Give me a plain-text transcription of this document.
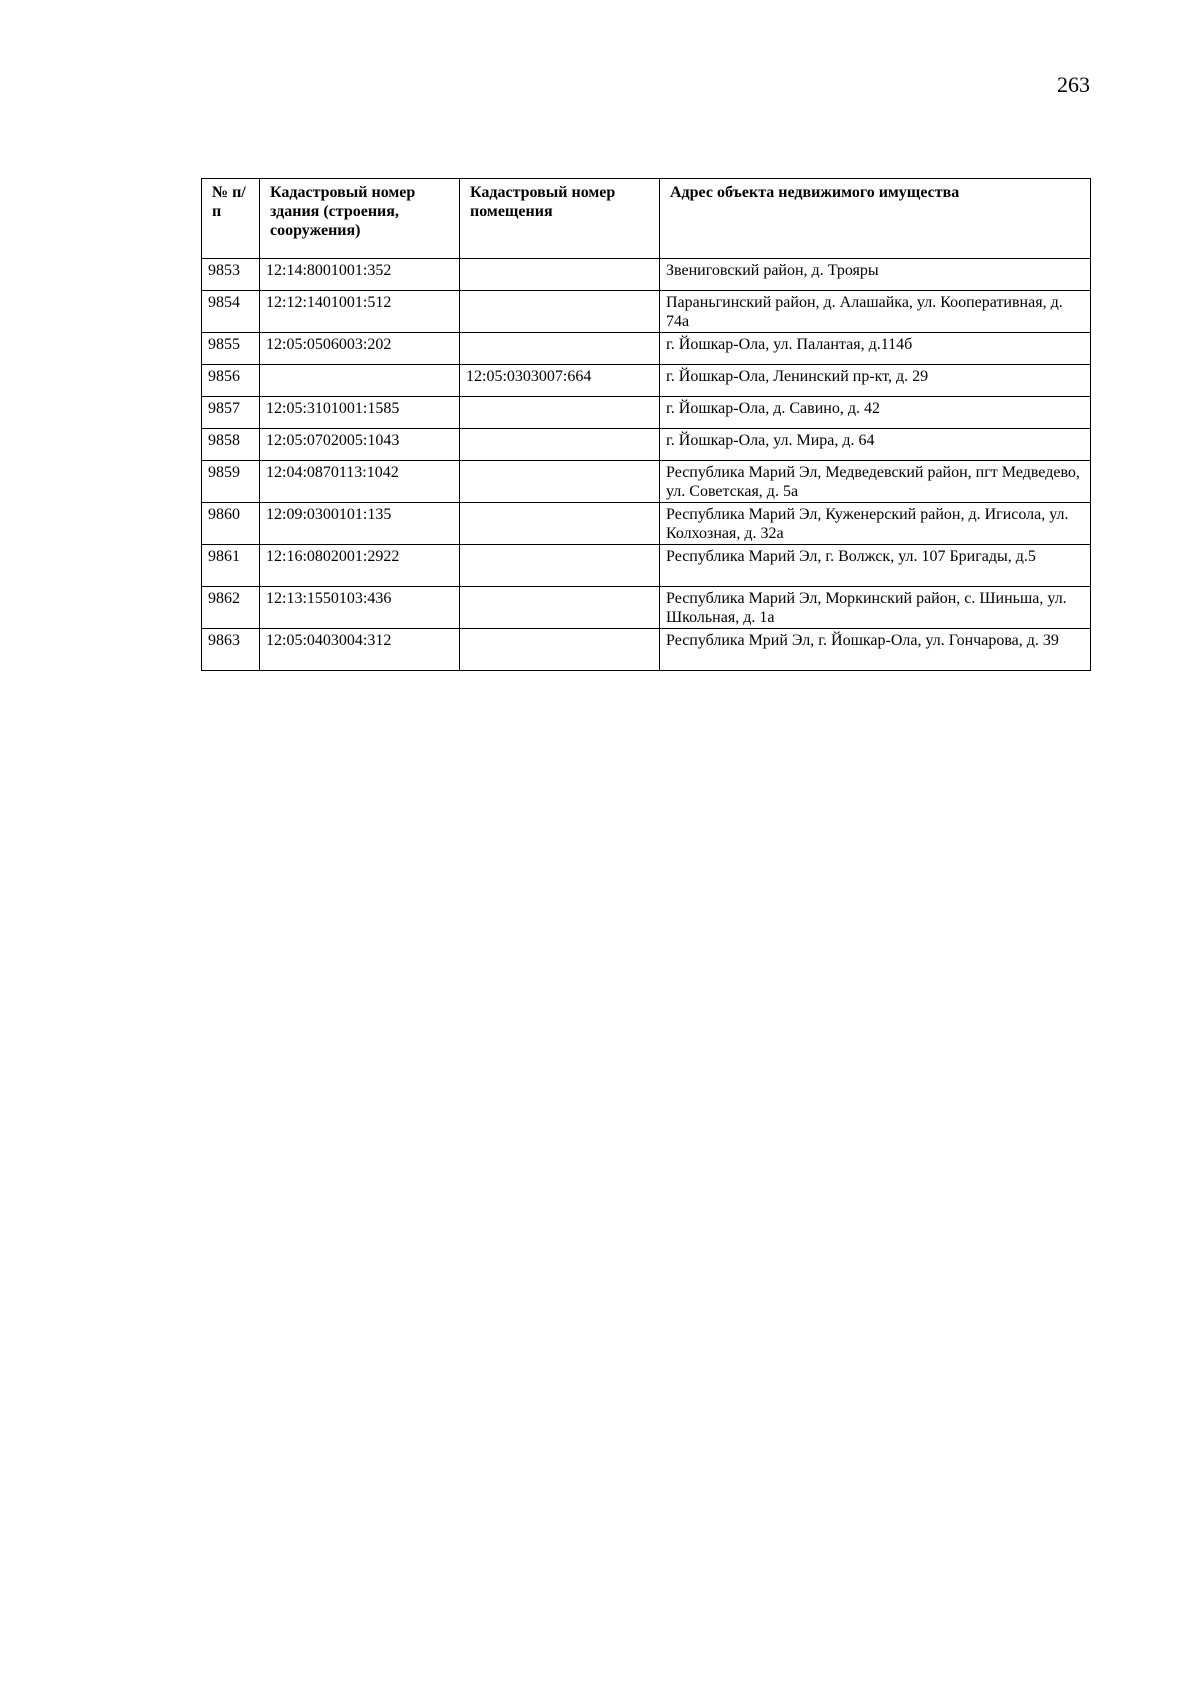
263
№ п/п	Кадастровый номер здания (строения, сооружения)	Кадастровый номер помещения	Адрес объекта недвижимого имущества
9853	12:14:8001001:352		Звениговский район, д. Трояры
9854	12:12:1401001:512		Параньгинский район, д. Алашайка, ул. Кооперативная, д. 74а
9855	12:05:0506003:202		г. Йошкар-Ола, ул. Палантая, д.114б
9856		12:05:0303007:664	г. Йошкар-Ола, Ленинский пр-кт, д. 29
9857	12:05:3101001:1585		г. Йошкар-Ола, д. Савино, д. 42
9858	12:05:0702005:1043		г. Йошкар-Ола, ул. Мира, д. 64
9859	12:04:0870113:1042		Республика Марий Эл, Медведевский район, пгт Медведево, ул. Советская, д. 5а
9860	12:09:0300101:135		Республика Марий Эл, Куженерский район, д. Игисола, ул. Колхозная, д. 32а
9861	12:16:0802001:2922		Республика Марий Эл, г. Волжск, ул. 107 Бригады, д.5
9862	12:13:1550103:436		Республика Марий Эл, Моркинский район, с. Шиньша, ул. Школьная, д. 1а
9863	12:05:0403004:312		Республика Мрий Эл, г. Йошкар-Ола, ул. Гончарова, д. 39
